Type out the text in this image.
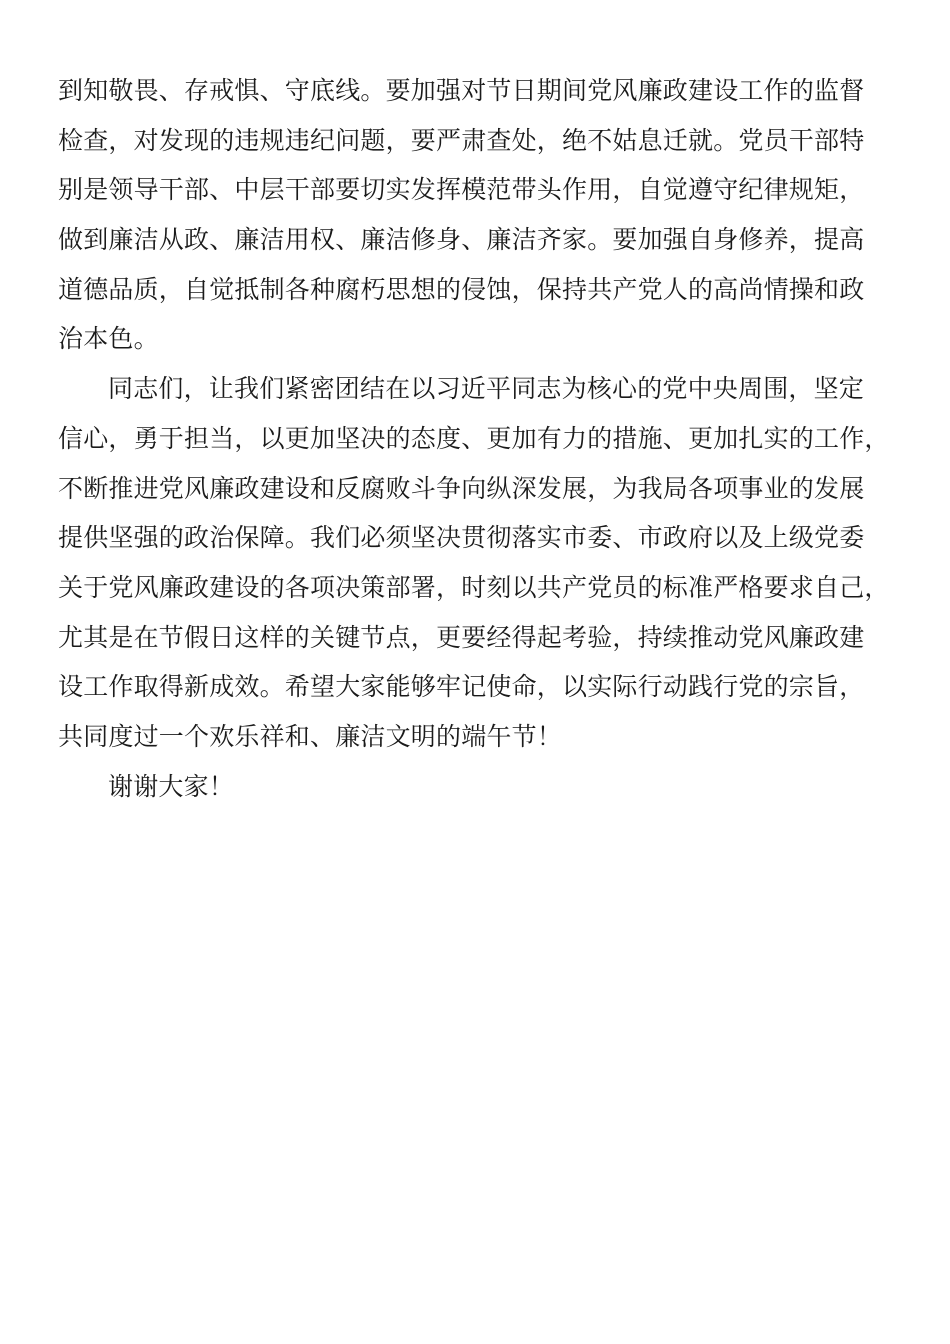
到知敬畏、存戒惧、守底线。要加强对节日期间党风廉政建设工作的监督
检查，对发现的违规违纪问题，要严肃查处，绝不姑息迁就。党员干部特
别是领导干部、中层干部要切实发挥模范带头作用，自觉遵守纪律规矩，
做到廉洁从政、廉洁用权、廉洁修身、廉洁齐家。要加强自身修养，提高
道德品质，自觉抵制各种腐朽思想的侵蚀，保持共产党人的高尚情操和政
治本色。
同志们，让我们紧密团结在以习近平同志为核心的党中央周围，坚定
信心，勇于担当，以更加坚决的态度、更加有力的措施、更加扎实的工作，
不断推进党风廉政建设和反腐败斗争向纵深发展，为我局各项事业的发展
提供坚强的政治保障。我们必须坚决贯彻落实市委、市政府以及上级党委
关于党风廉政建设的各项决策部署，时刻以共产党员的标准严格要求自己，
尤其是在节假日这样的关键节点，更要经得起考验，持续推动党风廉政建
设工作取得新成效。希望大家能够牢记使命，以实际行动践行党的宗旨，
共同度过一个欢乐祥和、廉洁文明的端午节！
谢谢大家！
